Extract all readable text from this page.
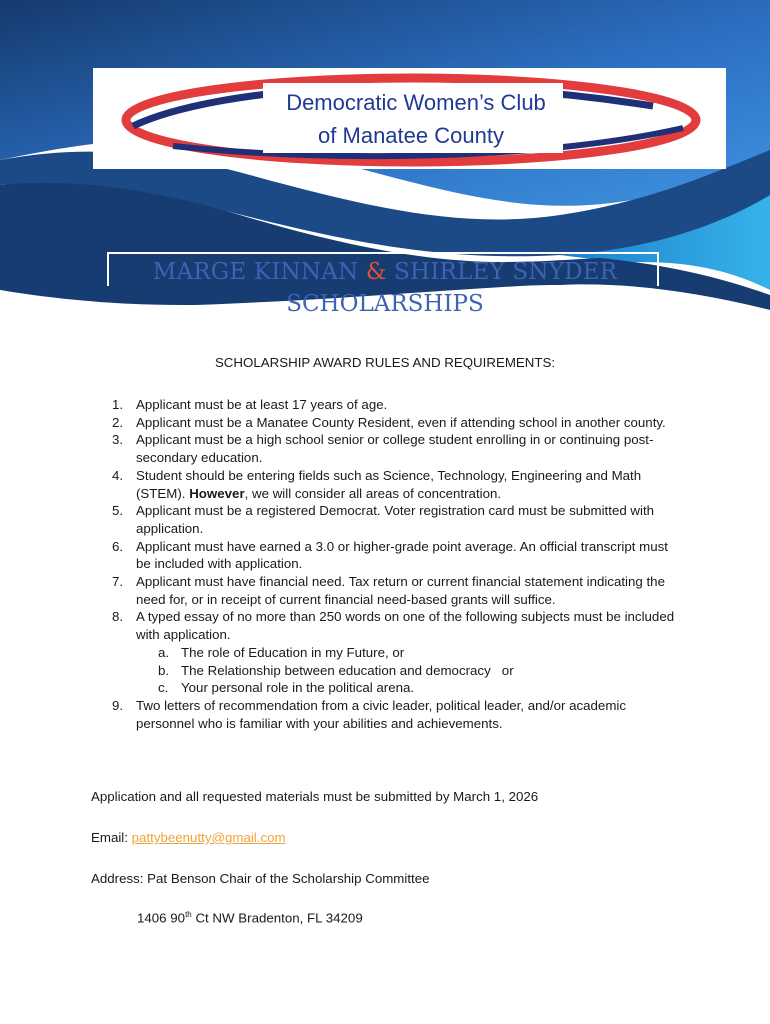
Democratic Women’s Club
of Manatee County
MARGE KINNAN & SHIRLEY SNYDER
SCHOLARSHIPS
SCHOLARSHIP AWARD RULES AND REQUIREMENTS:
1. Applicant must be at least 17 years of age.
2. Applicant must be a Manatee County Resident, even if attending school in another county.
3. Applicant must be a high school senior or college student enrolling in or continuing post-secondary education.
4. Student should be entering fields such as Science, Technology, Engineering and Math (STEM). However, we will consider all areas of concentration.
5. Applicant must be a registered Democrat. Voter registration card must be submitted with application.
6. Applicant must have earned a 3.0 or higher-grade point average. An official transcript must be included with application.
7. Applicant must have financial need. Tax return or current financial statement indicating the need for, or in receipt of current financial need-based grants will suffice.
8. A typed essay of no more than 250 words on one of the following subjects must be included with application.
a. The role of Education in my Future, or
b. The Relationship between education and democracy   or
c. Your personal role in the political arena.
9. Two letters of recommendation from a civic leader, political leader, and/or academic personnel who is familiar with your abilities and achievements.
Application and all requested materials must be submitted by March 1, 2026
Email: pattybeenutty@gmail.com
Address: Pat Benson Chair of the Scholarship Committee
1406 90th Ct NW Bradenton, FL 34209
